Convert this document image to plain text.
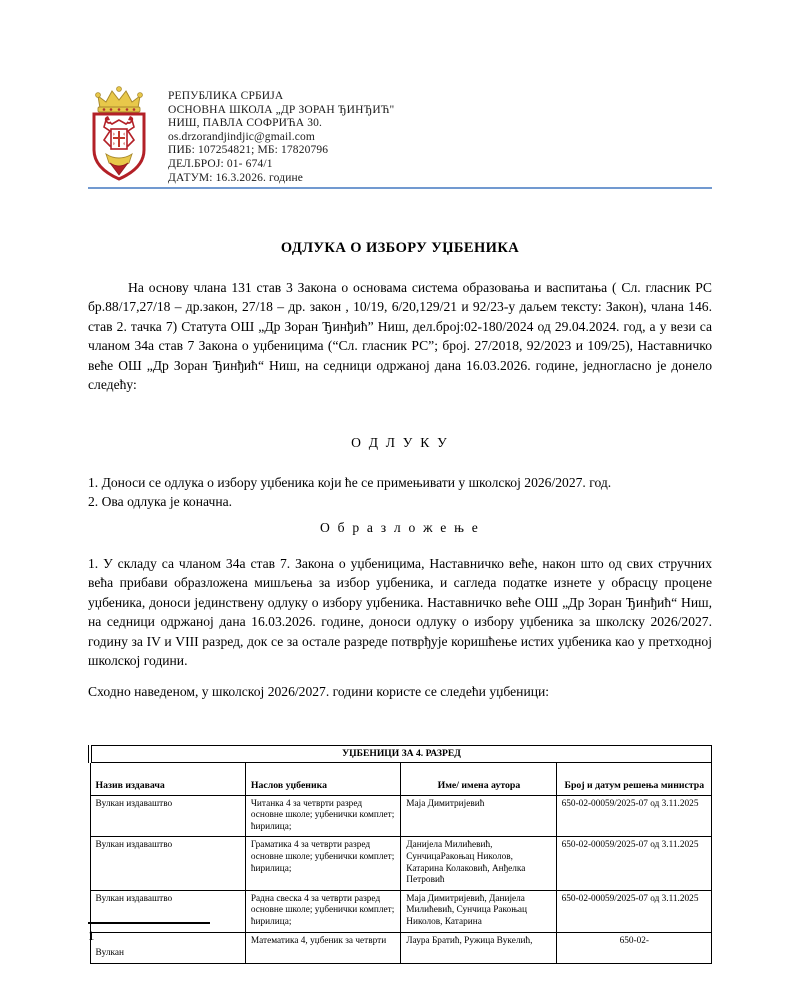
РЕПУБЛИКА СРБИЈА
ОСНОВНА ШКОЛА „ДР ЗОРАН ЂИНЂИЋ"
НИШ, ПАВЛА СОФРИЋА 30.
os.drzorandjindjic@gmail.com
ПИБ: 107254821; МБ: 17820796
ДЕЛ.БРОЈ: 01- 674/1
ДАТУМ: 16.3.2026. године
ОДЛУКА О ИЗБОРУ УЏБЕНИКА
На основу члана 131 став 3 Закона о основама система образовања и васпитања ( Сл. гласник РС бр.88/17,27/18 – др.закон, 27/18 – др. закон , 10/19, 6/20,129/21 и 92/23-у даљем тексту: Закон), члана 146. став 2. тачка 7) Статута ОШ „Др Зоран Ђинђић” Ниш, дел.број:02-180/2024 од 29.04.2024. год, а у вези са чланом 34а став 7 Закона о уџбеницима (“Сл. гласник РС”; број. 27/2018, 92/2023 и 109/25), Наставничко веће ОШ „Др Зоран Ђинђић“ Ниш, на седници одржаној дана 16.03.2026. године, једногласно је донело следећу:
О Д Л У К У
1. Доноси се одлука о избору уџбеника који ће се примењивати у школској 2026/2027. год.
2. Ова одлука је коначна.
О б р а з л о ж е њ е
1. У складу са чланом 34а став 7. Закона о уџбеницима, Наставничко веће, након што од свих стручних већа прибави образложена мишљења за избор уџбеника, и сагледа податке изнете у обрасцу процене уџбеника, доноси јединствену одлуку о избору уџбеника. Наставничко веће ОШ „Др Зоран Ђинђић“ Ниш, на седници одржаној дана 16.03.2026. године, доноси одлуку о избору уџбеника за школску 2026/2027. годину за IV и VIII разред, док се за остале разреде потврђује коришћење истих уџбеника као у претходној школској години.
Сходно наведеном, у школској 2026/2027. години користе се следећи уџбеници:
УЏБЕНИЦИ ЗА 4. РАЗРЕД			
Назив издавача	Наслов уџбеника	Име/ имена аутора	Број и датум решења министра
Вулкан издаваштво	Читанка 4 за четврти разред основне школе; уџбенички комплет; ћирилица;	Маја Димитријевић	650-02-00059/2025-07 од 3.11.2025
Вулкан издаваштво	Граматика 4 за четврти разред основне школе; уџбенички комплет; ћирилица;	Данијела Милићевић, СунчицаРакоњац Николов, Катарина Колаковић, Анђелка Петровић	650-02-00059/2025-07 од 3.11.2025
Вулкан издаваштво	Радна свеска 4 за четврти разред основне школе; уџбенички комплет; ћирилица;	Маја Димитријевић, Данијела Милићевић, Сунчица Ракоњац Николов, Катарина	650-02-00059/2025-07 од 3.11.2025
Вулкан	Математика 4, уџбеник за четврти	Лаура Братић, Ружица Вукелић,	650-02-
1
